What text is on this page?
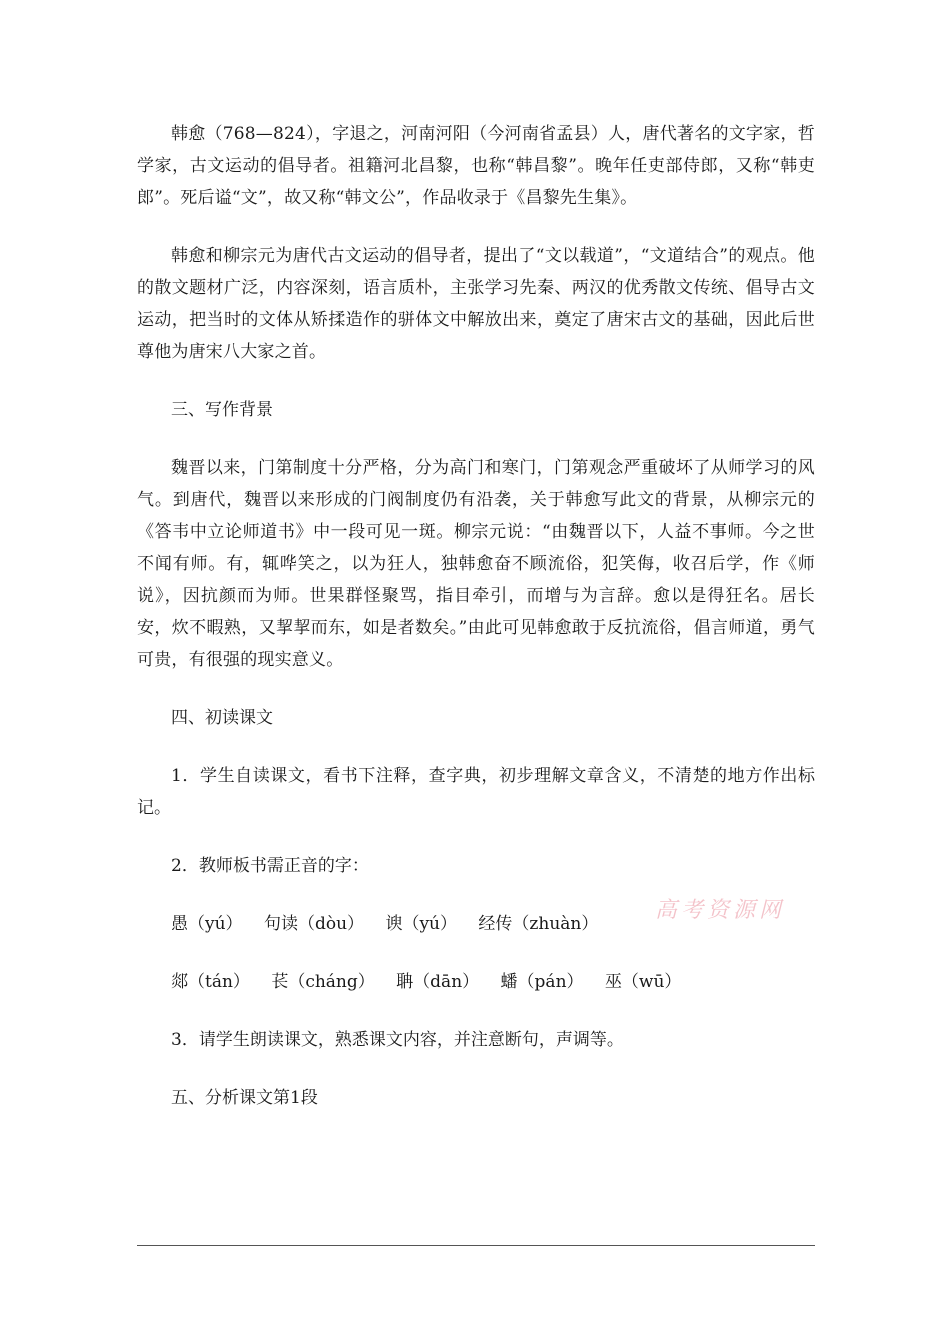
韩愈（768—824），字退之，河南河阳（今河南省孟县）人，唐代著名的文字家，哲学家，古文运动的倡导者。祖籍河北昌黎，也称“韩昌黎”。晚年任吏部侍郎，又称“韩吏郎”。死后谥“文”，故又称“韩文公”，作品收录于《昌黎先生集》。

韩愈和柳宗元为唐代古文运动的倡导者，提出了“文以载道”，“文道结合”的观点。他的散文题材广泛，内容深刻，语言质朴，主张学习先秦、两汉的优秀散文传统、倡导古文运动，把当时的文体从矫揉造作的骈体文中解放出来，奠定了唐宋古文的基础，因此后世尊他为唐宋八大家之首。

三、写作背景

魏晋以来，门第制度十分严格，分为高门和寒门，门第观念严重破坏了从师学习的风气。到唐代，魏晋以来形成的门阀制度仍有沿袭，关于韩愈写此文的背景，从柳宗元的《答韦中立论师道书》中一段可见一斑。柳宗元说：“由魏晋以下，人益不事师。今之世不闻有师。有，辄哗笑之，以为狂人，独韩愈奋不顾流俗，犯笑侮，收召后学，作《师说》，因抗颜而为师。世果群怪聚骂，指目牵引，而增与为言辞。愈以是得狂名。居长安，炊不暇熟，又挈挈而东，如是者数矣。”由此可见韩愈敢于反抗流俗，倡言师道，勇气可贵，有很强的现实意义。

四、初读课文

1．学生自读课文，看书下注释，查字典，初步理解文章含义，不清楚的地方作出标记。

2．教师板书需正音的字：

愚（yú） 句读（dòu） 谀（yú） 经传（zhuàn）

郯（tán） 苌（cháng） 聃（dān） 蟠（pán） 巫（wū）

3．请学生朗读课文，熟悉课文内容，并注意断句，声调等。

五、分析课文第1段

高考资源网
